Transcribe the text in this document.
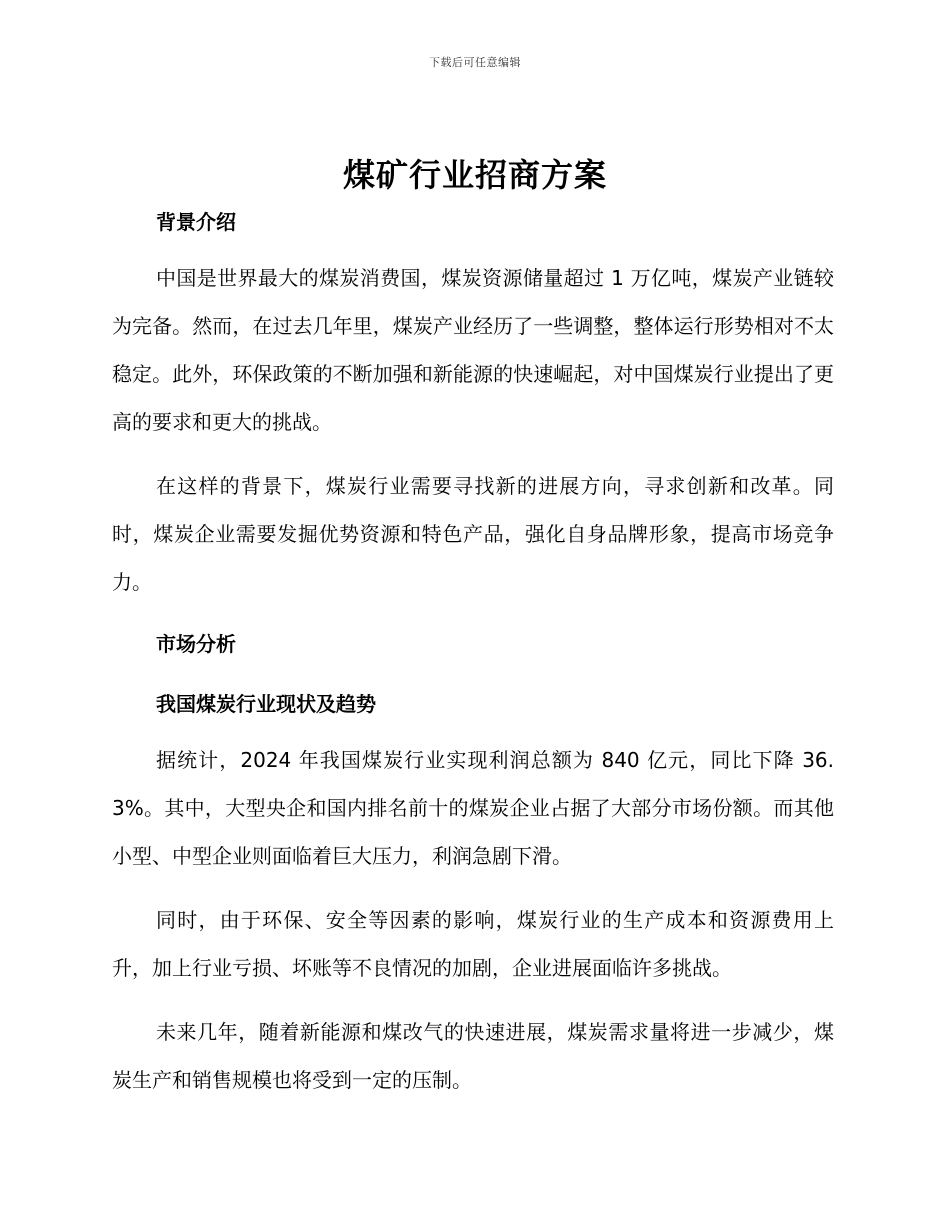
下载后可任意编辑
煤矿行业招商方案
背景介绍

中国是世界最大的煤炭消费国，煤炭资源储量超过 1 万亿吨，煤炭产业链较为完备。然而，在过去几年里，煤炭产业经历了一些调整，整体运行形势相对不太稳定。此外，环保政策的不断加强和新能源的快速崛起，对中国煤炭行业提出了更高的要求和更大的挑战。

在这样的背景下，煤炭行业需要寻找新的进展方向，寻求创新和改革。同时，煤炭企业需要发掘优势资源和特色产品，强化自身品牌形象，提高市场竞争力。

市场分析
我国煤炭行业现状及趋势

据统计，2024 年我国煤炭行业实现利润总额为 840 亿元，同比下降 36.3%。其中，大型央企和国内排名前十的煤炭企业占据了大部分市场份额。而其他小型、中型企业则面临着巨大压力，利润急剧下滑。

同时，由于环保、安全等因素的影响，煤炭行业的生产成本和资源费用上升，加上行业亏损、坏账等不良情况的加剧，企业进展面临许多挑战。

未来几年，随着新能源和煤改气的快速进展，煤炭需求量将进一步减少，煤炭生产和销售规模也将受到一定的压制。
